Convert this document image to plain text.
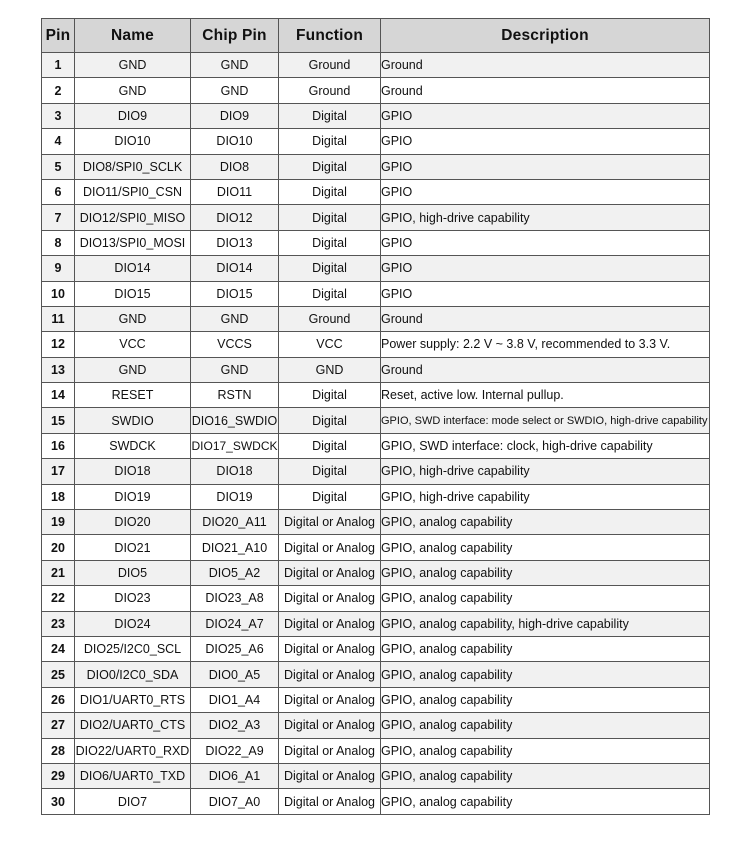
Pin	Name	Chip Pin	Function	Description
1	GND	GND	Ground	Ground
2	GND	GND	Ground	Ground
3	DIO9	DIO9	Digital	GPIO
4	DIO10	DIO10	Digital	GPIO
5	DIO8/SPI0_SCLK	DIO8	Digital	GPIO
6	DIO11/SPI0_CSN	DIO11	Digital	GPIO
7	DIO12/SPI0_MISO	DIO12	Digital	GPIO, high-drive capability
8	DIO13/SPI0_MOSI	DIO13	Digital	GPIO
9	DIO14	DIO14	Digital	GPIO
10	DIO15	DIO15	Digital	GPIO
11	GND	GND	Ground	Ground
12	VCC	VCCS	VCC	Power supply: 2.2 V ~ 3.8 V, recommended to 3.3 V.
13	GND	GND	GND	Ground
14	RESET	RSTN	Digital	Reset, active low. Internal pullup.
15	SWDIO	DIO16_SWDIO	Digital	GPIO, SWD interface: mode select or SWDIO, high-drive capability
16	SWDCK	DIO17_SWDCK	Digital	GPIO, SWD interface: clock, high-drive capability
17	DIO18	DIO18	Digital	GPIO, high-drive capability
18	DIO19	DIO19	Digital	GPIO, high-drive capability
19	DIO20	DIO20_A11	Digital or Analog	GPIO, analog capability
20	DIO21	DIO21_A10	Digital or Analog	GPIO, analog capability
21	DIO5	DIO5_A2	Digital or Analog	GPIO, analog capability
22	DIO23	DIO23_A8	Digital or Analog	GPIO, analog capability
23	DIO24	DIO24_A7	Digital or Analog	GPIO, analog capability, high-drive capability
24	DIO25/I2C0_SCL	DIO25_A6	Digital or Analog	GPIO, analog capability
25	DIO0/I2C0_SDA	DIO0_A5	Digital or Analog	GPIO, analog capability
26	DIO1/UART0_RTS	DIO1_A4	Digital or Analog	GPIO, analog capability
27	DIO2/UART0_CTS	DIO2_A3	Digital or Analog	GPIO, analog capability
28	DIO22/UART0_RXD	DIO22_A9	Digital or Analog	GPIO, analog capability
29	DIO6/UART0_TXD	DIO6_A1	Digital or Analog	GPIO, analog capability
30	DIO7	DIO7_A0	Digital or Analog	GPIO, analog capability
